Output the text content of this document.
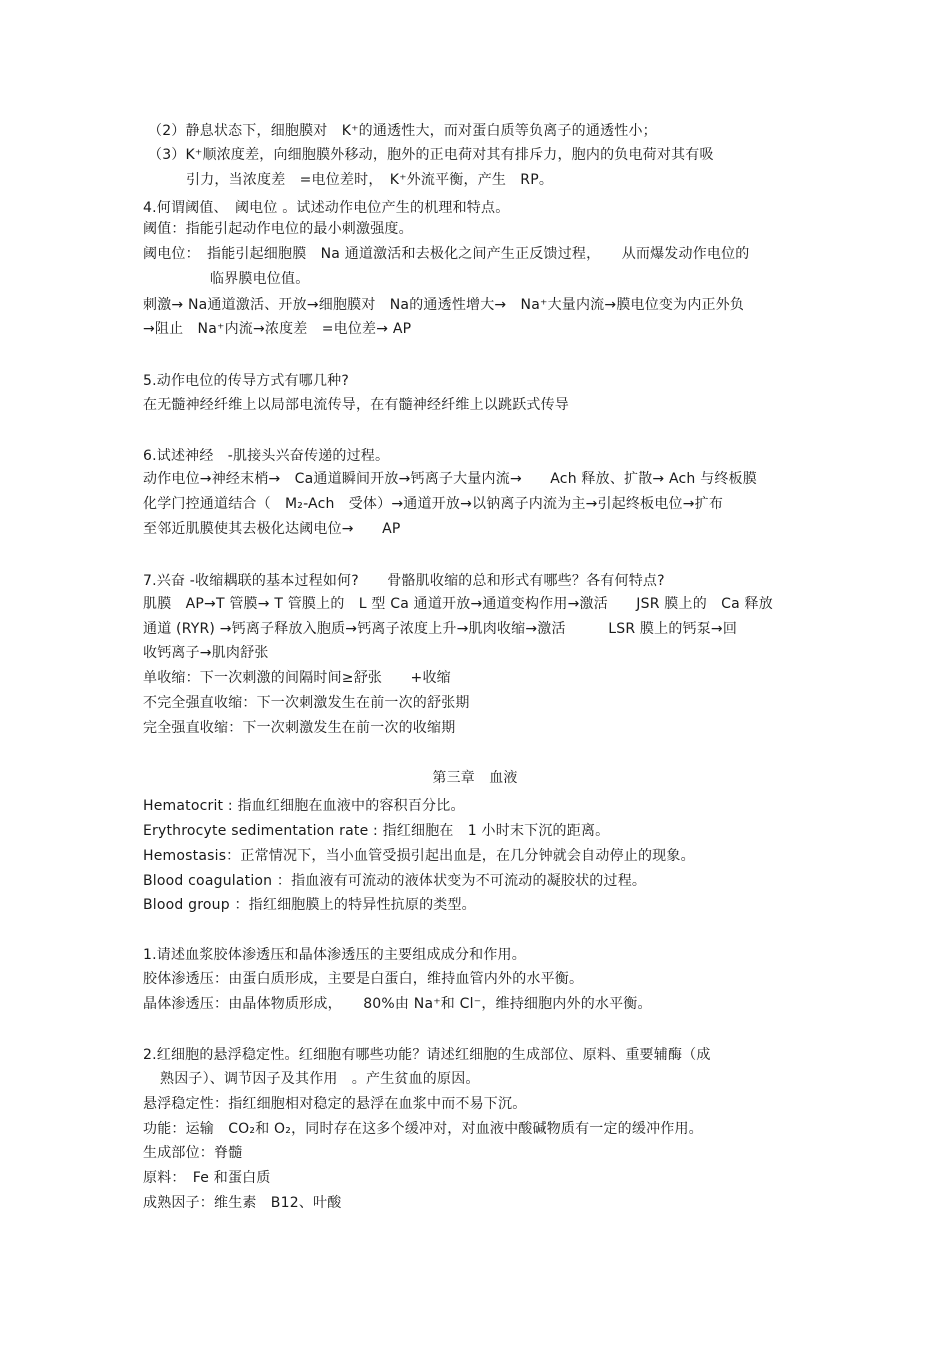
（2）静息状态下，细胞膜对　K⁺的通透性大，而对蛋白质等负离子的通透性小；
（3）K⁺顺浓度差，向细胞膜外移动，胞外的正电荷对其有排斥力，胞内的负电荷对其有吸
引力，当浓度差　=电位差时，　K⁺外流平衡，产生　RP。
4.何谓阈值、　阈电位 。试述动作电位产生的机理和特点。
阈值：指能引起动作电位的最小刺激强度。
阈电位：　指能引起细胞膜　Na 通道激活和去极化之间产生正反馈过程，　　从而爆发动作电位的
临界膜电位值。
刺激→ Na通道激活、开放→细胞膜对　Na的通透性增大→　Na⁺大量内流→膜电位变为内正外负
→阻止　Na⁺内流→浓度差　=电位差→ AP
5.动作电位的传导方式有哪几种?
在无髓神经纤维上以局部电流传导，在有髓神经纤维上以跳跃式传导
6.试述神经　-肌接头兴奋传递的过程。
动作电位→神经末梢→　Ca通道瞬间开放→钙离子大量内流→　　Ach 释放、扩散→ Ach 与终板膜
化学门控通道结合（　M₂-Ach　受体）→通道开放→以钠离子内流为主→引起终板电位→扩布
至邻近肌膜使其去极化达阈电位→　　AP
7.兴奋 -收缩耦联的基本过程如何?　　骨骼肌收缩的总和形式有哪些？各有何特点?
肌膜　AP→T 管膜→ T 管膜上的　L 型 Ca 通道开放→通道变构作用→激活　　JSR 膜上的　Ca 释放
通道 (RYR) →钙离子释放入胞质→钙离子浓度上升→肌肉收缩→激活　　　LSR 膜上的钙泵→回
收钙离子→肌肉舒张
单收缩：下一次刺激的间隔时间≥舒张　　+收缩
不完全强直收缩：下一次刺激发生在前一次的舒张期
完全强直收缩：下一次刺激发生在前一次的收缩期
第三章　血液
Hematocrit : 指血红细胞在血液中的容积百分比。
Erythrocyte sedimentation rate : 指红细胞在　1 小时末下沉的距离。
Hemostasis：正常情况下，当小血管受损引起出血是，在几分钟就会自动停止的现象。
Blood coagulation ：指血液有可流动的液体状变为不可流动的凝胶状的过程。
Blood group ：指红细胞膜上的特异性抗原的类型。
1.请述血浆胶体渗透压和晶体渗透压的主要组成成分和作用。
胶体渗透压：由蛋白质形成，主要是白蛋白，维持血管内外的水平衡。
晶体渗透压：由晶体物质形成，　　80%由 Na⁺和 Cl⁻，维持细胞内外的水平衡。
2.红细胞的悬浮稳定性。红细胞有哪些功能？请述红细胞的生成部位、原料、重要辅酶（成
熟因子）、调节因子及其作用　。产生贫血的原因。
悬浮稳定性：指红细胞相对稳定的悬浮在血浆中而不易下沉。
功能：运输　CO₂和 O₂，同时存在这多个缓冲对，对血液中酸碱物质有一定的缓冲作用。
生成部位：脊髓
原料：　Fe 和蛋白质
成熟因子：维生素　B12、叶酸
